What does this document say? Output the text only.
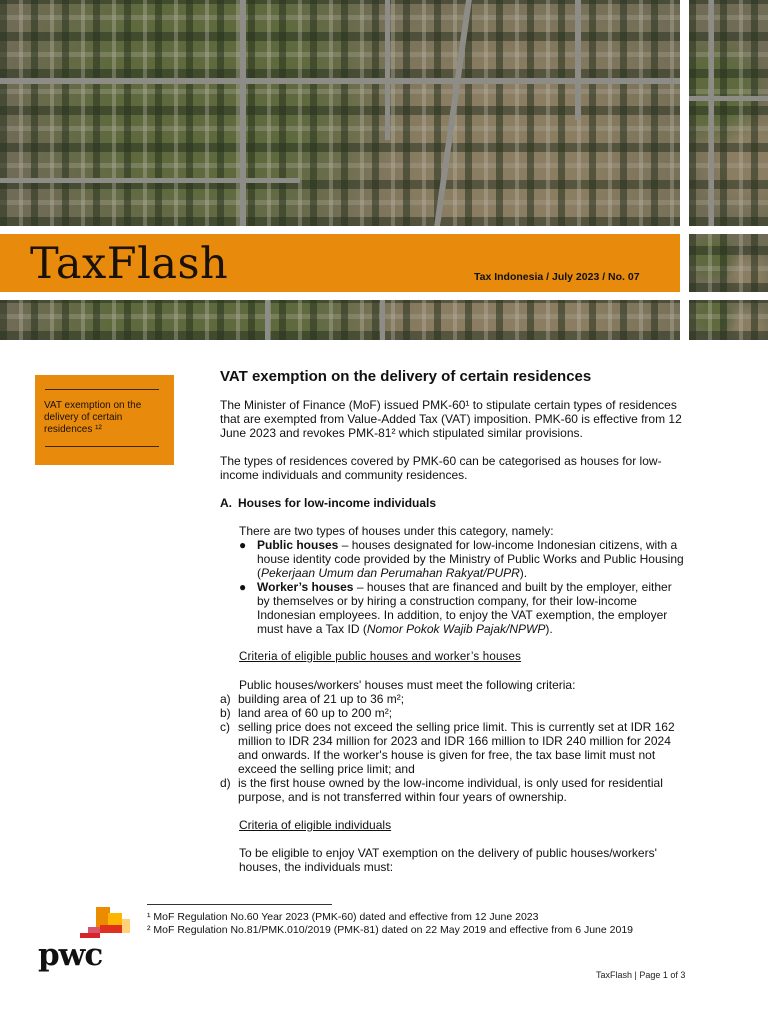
TaxFlash	Tax Indonesia / July 2023 / No. 07
VAT exemption on the delivery of certain residences ¹²
VAT exemption on the delivery of certain residences

The Minister of Finance (MoF) issued PMK-60¹ to stipulate certain types of residences that are exempted from Value-Added Tax (VAT) imposition. PMK-60 is effective from 12 June 2023 and revokes PMK-81² which stipulated similar provisions.

The types of residences covered by PMK-60 can be categorised as houses for low-income individuals and community residences.

A. Houses for low-income individuals
There are two types of houses under this category, namely:
● Public houses – houses designated for low-income Indonesian citizens, with a house identity code provided by the Ministry of Public Works and Public Housing (Pekerjaan Umum dan Perumahan Rakyat/PUPR).
● Worker’s houses – houses that are financed and built by the employer, either by themselves or by hiring a construction company, for their low-income Indonesian employees. In addition, to enjoy the VAT exemption, the employer must have a Tax ID (Nomor Pokok Wajib Pajak/NPWP).
Criteria of eligible public houses and worker’s houses
Public houses/workers' houses must meet the following criteria:
a) building area of 21 up to 36 m²;
b) land area of 60 up to 200 m²;
c) selling price does not exceed the selling price limit. This is currently set at IDR 162 million to IDR 234 million for 2023 and IDR 166 million to IDR 240 million for 2024 and onwards. If the worker's house is given for free, the tax base limit must not exceed the selling price limit; and
d) is the first house owned by the low-income individual, is only used for residential purpose, and is not transferred within four years of ownership.
Criteria of eligible individuals
To be eligible to enjoy VAT exemption on the delivery of public houses/workers' houses, the individuals must:
¹ MoF Regulation No.60 Year 2023 (PMK-60) dated and effective from 12 June 2023
² MoF Regulation No.81/PMK.010/2019 (PMK-81) dated on 22 May 2019 and effective from 6 June 2019
pwc
TaxFlash | Page 1 of 3
